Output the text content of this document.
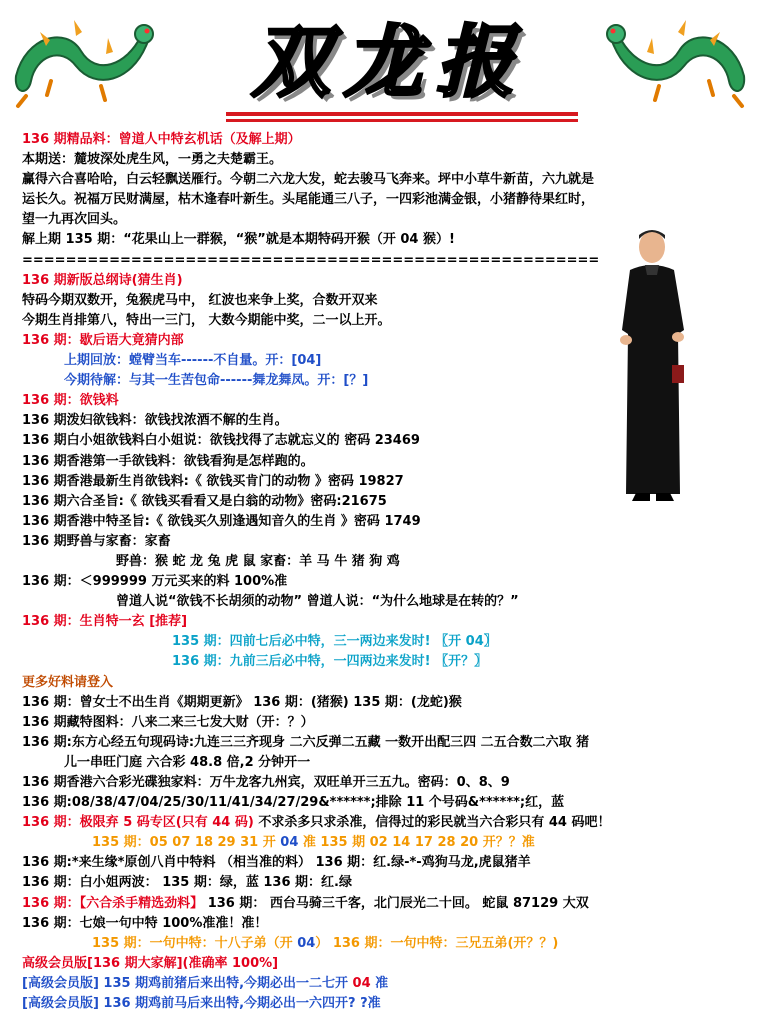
双龙报
136 期精品料：曾道人中特玄机话（及解上期）
本期送：麓坡深处虎生风，一勇之夫楚霸王。
赢得六合喜哈哈，白云轻飘送雁行。今朝二六龙大发，蛇去骏马飞奔来。坪中小草牛新苗，六九就是
运长久。祝福万民财满屋，枯木逢春叶新生。头尾能通三八子，一四彩池满金银，小猪静待果红时，
望一九再次回头。
解上期 135 期：“花果山上一群猴，“猴”就是本期特码开猴（开 04 猴）!
=====================================================
136 期新版总纲诗(猜生肖)
特码今期双数开，兔猴虎马中， 红波也来争上奖，合数开双来
今期生肖排第八，特出一三门， 大数今期能中奖，二一以上开。
136 期：歇后语大竟猜内部
上期回放：螳臂当车------不自量。开：[04]
今期待解：与其一生苦包命------舞龙舞凤。开：[？]
136 期：欲钱料
136 期泼妇欲钱料：欲钱找浓酒不解的生肖。
136 期白小姐欲钱料白小姐说：欲钱找得了志就忘义的 密码 23469
136 期香港第一手欲钱料：欲钱看狗是怎样跑的。
136 期香港最新生肖欲钱料:《 欲钱买肯门的动物 》密码 19827
136 期六合圣旨:《 欲钱买看看又是白翁的动物》密码:21675
136 期香港中特圣旨:《 欲钱买久别逢遇知音久的生肖 》密码 1749
136 期野兽与家畜：家畜
野兽：猴 蛇 龙 兔 虎 鼠 家畜：羊 马 牛 猪 狗 鸡
136 期：＜999999 万元买来的料 100%准
曾道人说“欲钱不长胡须的动物” 曾道人说：“为什么地球是在转的？”
136 期：生肖特一玄 [推荐]
135 期：四前七后必中特，三一两边来发时! 〖开 04〗
136 期：九前三后必中特，一四两边来发时! 〖开？〗
更多好料请登入
136 期：曾女士不出生肖《期期更新》 136 期：(猪猴) 135 期：(龙蛇)猴
136 期藏特图料：八来二来三七发大财（开：？）
136 期:东方心经五句现码诗:九连三三齐现身 二六反弹二五藏 一数开出配三四 二五合数二六取 猪
儿一串旺门庭 六合彩 48.8 倍,2 分钟开一
136 期香港六合彩光碟独家料：万牛龙客九州宾，双旺单开三五九。密码：0、8、9
136 期:08/38/47/04/25/30/11/41/34/27/29&******;排除 11 个号码&******;红，蓝
136 期：极限弃 5 码专区(只有 44 码) 不求杀多只求杀准，信得过的彩民就当六合彩只有 44 码吧！
135 期：05 07 18 29 31 开 04 准 135 期 02 14 17 28 20 开？？准
136 期:*来生缘*原创八肖中特料 （相当准的料） 136 期：红.绿-*-鸡狗马龙,虎鼠猪羊
136 期：白小姐两波： 135 期：绿，蓝 136 期：红.绿
136 期：【六合杀手精选劲料】 136 期： 西台马骑三千客，北门辰光二十回。 蛇鼠 87129 大双
136 期：七娘一句中特 100%准准！准！
135 期：一句中特：十八子弟（开 04） 136 期：一句中特：三兄五弟(开？？)
高级会员版[136 期大家解](准确率 100%]
[高级会员版] 135 期鸡前猪后来出特,今期必出一二七开 04 准
[高级会员版] 136 期鸡前马后来出特,今期必出一六四开? ?准
